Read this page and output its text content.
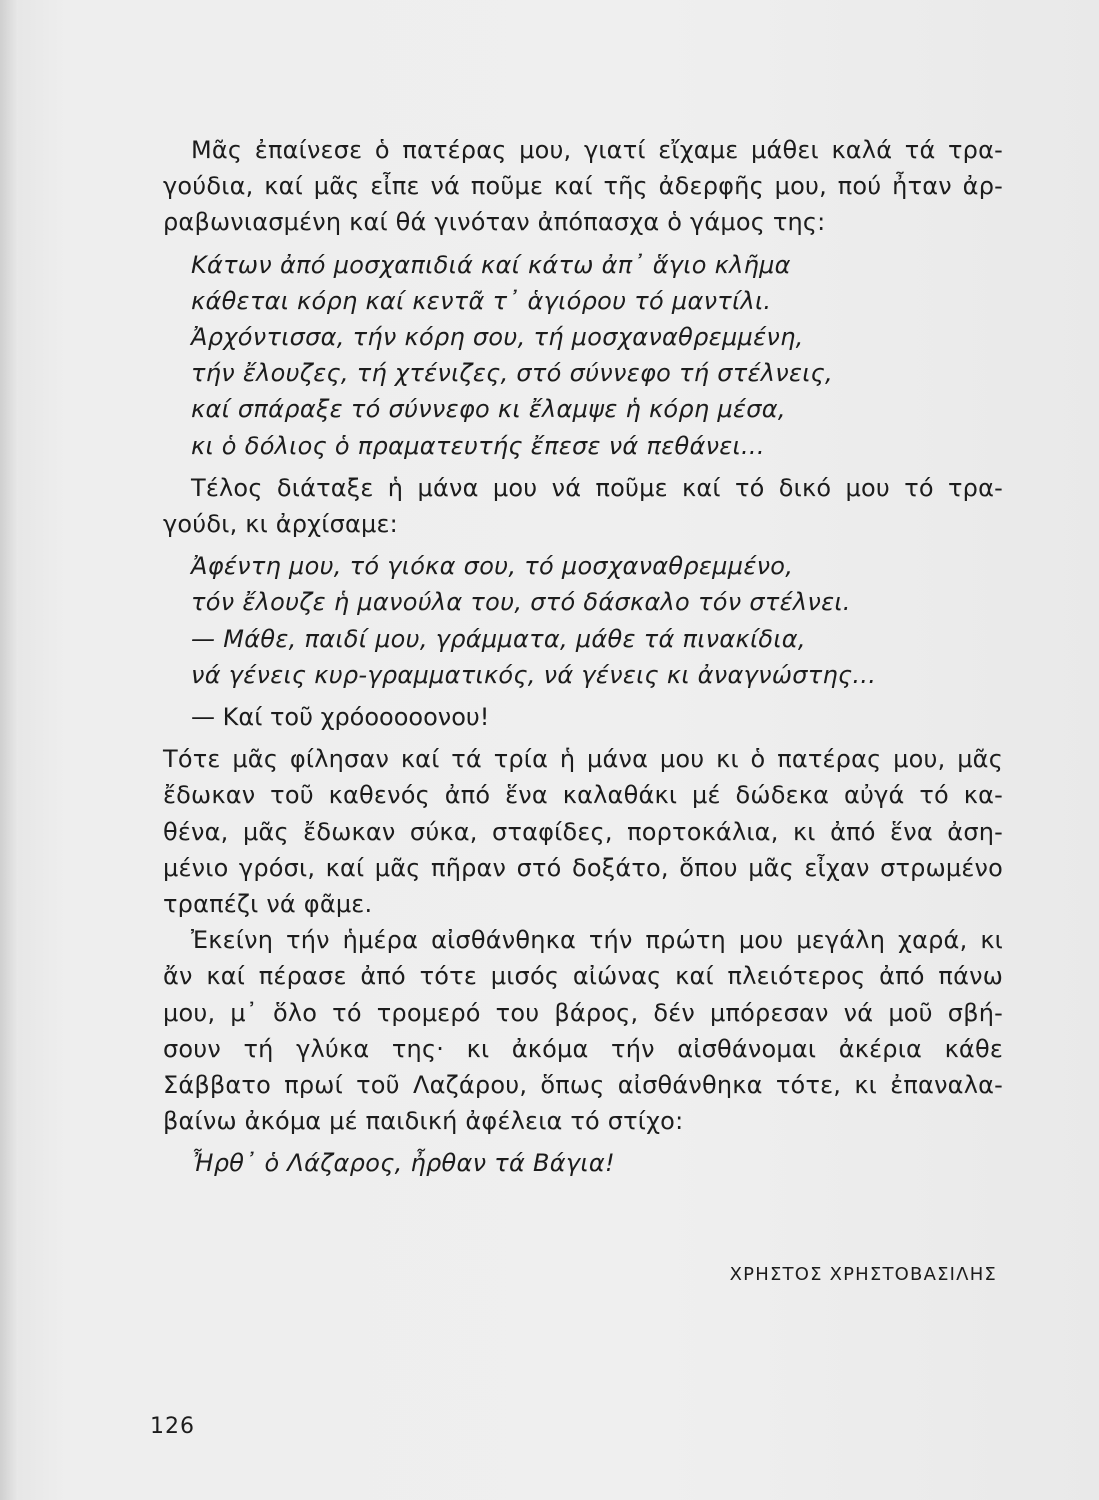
Μᾶς ἐπαίνεσε ὁ πατέρας μου, γιατί εἴχαμε μάθει καλά τά τρα-
γούδια, καί μᾶς εἶπε νά ποῦμε καί τῆς ἀδερφῆς μου, πού ἦταν ἀρ-
ραβωνιασμένη καί θά γινόταν ἀπόπασχα ὁ γάμος της:

Κάτων ἀπό μοσχαπιδιά καί κάτω ἀπ᾽ ἅγιο κλῆμα
κάθεται κόρη καί κεντᾶ τ᾽ ἁγιόρου τό μαντίλι.
Ἀρχόντισσα, τήν κόρη σου, τή μοσχαναθρεμμένη,
τήν ἔλουζες, τή χτένιζες, στό σύννεφο τή στέλνεις,
καί σπάραξε τό σύννεφο κι ἔλαμψε ἡ κόρη μέσα,
κι ὁ δόλιος ὁ πραματευτής ἔπεσε νά πεθάνει...

Τέλος διάταξε ἡ μάνα μου νά ποῦμε καί τό δικό μου τό τρα-
γούδι, κι ἀρχίσαμε:

Ἀφέντη μου, τό γιόκα σου, τό μοσχαναθρεμμένο,
τόν ἔλουζε ἡ μανούλα του, στό δάσκαλο τόν στέλνει.
— Μάθε, παιδί μου, γράμματα, μάθε τά πινακίδια,
νά γένεις κυρ-γραμματικός, νά γένεις κι ἀναγνώστης...
— Καί τοῦ χρόοοοοονου!

Τότε μᾶς φίλησαν καί τά τρία ἡ μάνα μου κι ὁ πατέρας μου, μᾶς
ἔδωκαν τοῦ καθενός ἀπό ἕνα καλαθάκι μέ δώδεκα αὐγά τό κα-
θένα, μᾶς ἔδωκαν σύκα, σταφίδες, πορτοκάλια, κι ἀπό ἕνα ἀση-
μένιο γρόσι, καί μᾶς πῆραν στό δοξάτο, ὅπου μᾶς εἶχαν στρωμένο
τραπέζι νά φᾶμε.

Ἐκείνη τήν ἡμέρα αἰσθάνθηκα τήν πρώτη μου μεγάλη χαρά, κι
ἄν καί πέρασε ἀπό τότε μισός αἰώνας καί πλειότερος ἀπό πάνω
μου, μ᾽ ὅλο τό τρομερό του βάρος, δέν μπόρεσαν νά μοῦ σβή-
σουν τή γλύκα της· κι ἀκόμα τήν αἰσθάνομαι ἀκέρια κάθε
Σάββατο πρωί τοῦ Λαζάρου, ὅπως αἰσθάνθηκα τότε, κι ἐπαναλα-
βαίνω ἀκόμα μέ παιδική ἀφέλεια τό στίχο:

Ἦρθ᾽ ὁ Λάζαρος, ἦρθαν τά Βάγια!
ΧΡΗΣΤΟΣ ΧΡΗΣΤΟΒΑΣΙΛΗΣ
126
